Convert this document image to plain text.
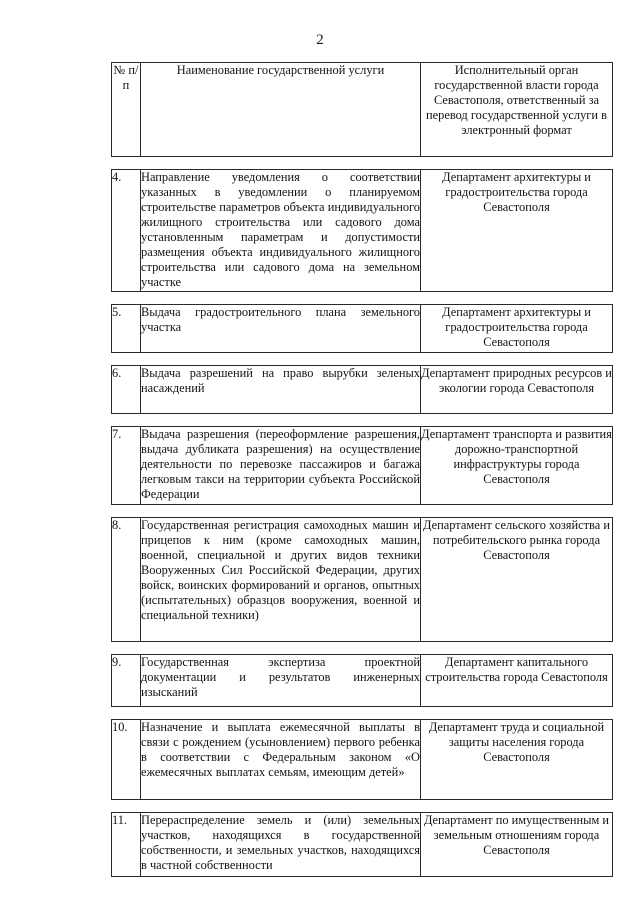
2
№ п/п	Наименование государственной услуги	Исполнительный орган государственной власти города Севастополя, ответственный за перевод государственной услуги в электронный формат

4.	Направление уведомления о соответствии указанных в уведомлении о планируемом строительстве параметров объекта индивидуального жилищного строительства или садового дома установленным параметрам и допустимости размещения объекта индивидуального жилищного строительства или садового дома на земельном участке	Департамент архитектуры и градостроительства города Севастополя

5.	Выдача градостроительного плана земельного участка	Департамент архитектуры и градостроительства города Севастополя

6.	Выдача разрешений на право вырубки зеленых насаждений	Департамент природных ресурсов и экологии города Севастополя

7.	Выдача разрешения (переоформление разрешения, выдача дубликата разрешения) на осуществление деятельности по перевозке пассажиров и багажа легковым такси на территории субъекта Российской Федерации	Департамент транспорта и развития дорожно-транспортной инфраструктуры города Севастополя

8.	Государственная регистрация самоходных машин и прицепов к ним (кроме самоходных машин, военной, специальной и других видов техники Вооруженных Сил Российской Федерации, других войск, воинских формирований и органов, опытных (испытательных) образцов вооружения, военной и специальной техники)	Департамент сельского хозяйства и потребительского рынка города Севастополя

9.	Государственная экспертиза проектной документации и результатов инженерных изысканий	Департамент капитального строительства города Севастополя

10.	Назначение и выплата ежемесячной выплаты в связи с рождением (усыновлением) первого ребенка в соответствии с Федеральным законом «О ежемесячных выплатах семьям, имеющим детей»	Департамент труда и социальной защиты населения города Севастополя

11.	Перераспределение земель и (или) земельных участков, находящихся в государственной собственности, и земельных участков, находящихся в частной собственности	Департамент по имущественным и земельным отношениям города Севастополя
